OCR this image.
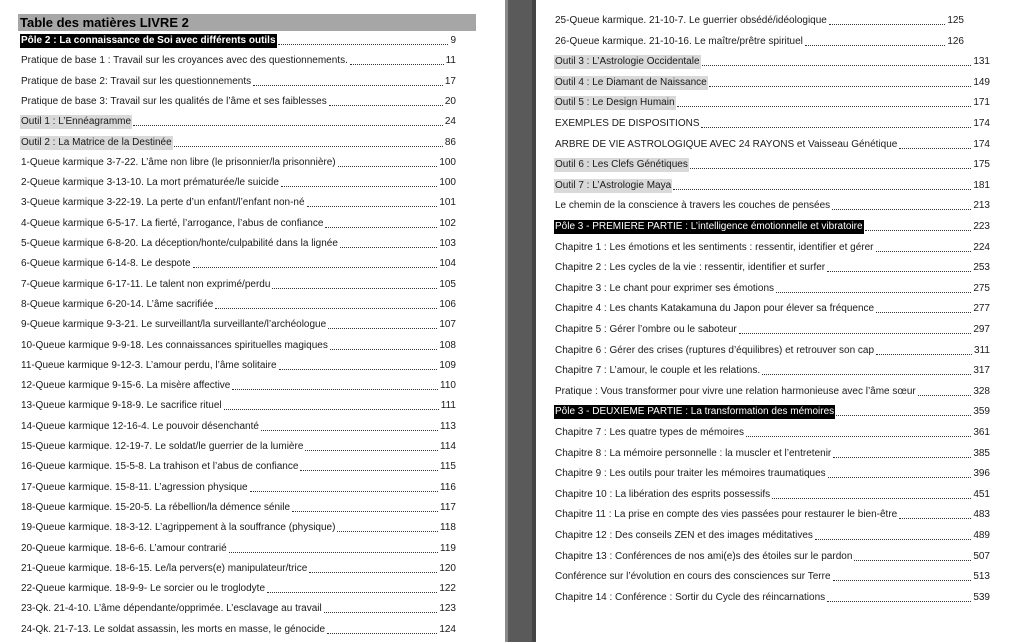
Table des matières LIVRE 2
Pôle 2 : La connaissance de Soi avec différents outils	9
Pratique de base 1 : Travail sur les croyances avec des questionnements.	11
Pratique de base 2: Travail sur les questionnements	17
Pratique de base 3: Travail sur les qualités de l’âme et ses faiblesses	20
Outil 1 : L’Ennéagramme	24
Outil 2 : La Matrice de la Destinée	86
1-Queue karmique 3-7-22. L’âme non libre (le prisonnier/la prisonnière)	100
2-Queue karmique 3-13-10. La mort prématurée/le suicide	100
3-Queue karmique 3-22-19. La perte d’un enfant/l’enfant non-né	101
4-Queue karmique 6-5-17. La fierté, l’arrogance, l’abus de confiance	102
5-Queue karmique 6-8-20. La déception/honte/culpabilité dans la lignée	103
6-Queue karmique 6-14-8. Le despote	104
7-Queue karmique 6-17-11. Le talent non exprimé/perdu	105
8-Queue karmique 6-20-14. L’âme sacrifiée	106
9-Queue karmique 9-3-21. Le surveillant/la surveillante/l’archéologue	107
10-Queue karmique 9-9-18. Les connaissances spirituelles magiques	108
11-Queue karmique 9-12-3. L’amour perdu, l’âme solitaire	109
12-Queue karmique 9-15-6. La misère affective	110
13-Queue karmique 9-18-9. Le sacrifice rituel	111
14-Queue karmique 12-16-4. Le pouvoir désenchanté	113
15-Queue karmique. 12-19-7. Le soldat/le guerrier de la lumière	114
16-Queue karmique. 15-5-8. La trahison et l’abus de confiance	115
17-Queue karmique. 15-8-11. L’agression physique	116
18-Queue karmique. 15-20-5. La rébellion/la démence sénile	117
19-Queue karmique. 18-3-12. L’agrippement à la souffrance (physique)	118
20-Queue karmique. 18-6-6. L’amour contrarié	119
21-Queue karmique. 18-6-15. Le/la pervers(e) manipulateur/trice	120
22-Queue karmique. 18-9-9- Le sorcier ou le troglodyte	122
23-Qk. 21-4-10. L’âme dépendante/opprimée. L’esclavage au travail	123
24-Qk. 21-7-13. Le soldat assassin, les morts en masse, le génocide	124
25-Queue karmique. 21-10-7. Le guerrier obsédé/idéologique	125
26-Queue karmique. 21-10-16. Le maître/prêtre spirituel	126
Outil 3 : L’Astrologie Occidentale	131
Outil 4 : Le Diamant de Naissance	149
Outil 5 : Le Design Humain	171
EXEMPLES DE DISPOSITIONS	174
ARBRE DE VIE ASTROLOGIQUE AVEC 24 RAYONS et Vaisseau Génétique	174
Outil 6 : Les Clefs Génétiques	175
Outil 7 : L’Astrologie Maya	181
Le chemin de la conscience à travers les couches de pensées	213
Pôle 3 - PREMIERE PARTIE : L’intelligence émotionnelle et vibratoire	223
Chapitre 1 : Les émotions et les sentiments : ressentir, identifier et gérer	224
Chapitre 2 : Les cycles de la vie : ressentir, identifier et surfer	253
Chapitre 3 : Le chant pour exprimer ses émotions	275
Chapitre 4 : Les chants Katakamuna du Japon pour élever sa fréquence	277
Chapitre 5 : Gérer l’ombre ou le saboteur	297
Chapitre 6 : Gérer des crises (ruptures d’équilibres) et retrouver son cap	311
Chapitre 7 : L’amour, le couple et les relations.	317
Pratique : Vous transformer pour vivre une relation harmonieuse avec l’âme sœur	328
Pôle 3 - DEUXIEME PARTIE : La transformation des mémoires	359
Chapitre 7 : Les quatre types de mémoires	361
Chapitre 8 : La mémoire personnelle : la muscler et l’entretenir	385
Chapitre 9 : Les outils pour traiter les mémoires traumatiques	396
Chapitre 10 : La libération des esprits possessifs	451
Chapitre 11 : La prise en compte des vies passées pour restaurer le bien-être	483
Chapitre 12 : Des conseils ZEN et des images méditatives	489
Chapitre 13 : Conférences de nos ami(e)s des étoiles sur le pardon	507
Conférence sur l’évolution en cours des consciences sur Terre	513
Chapitre 14 : Conférence : Sortir du Cycle des réincarnations	539
